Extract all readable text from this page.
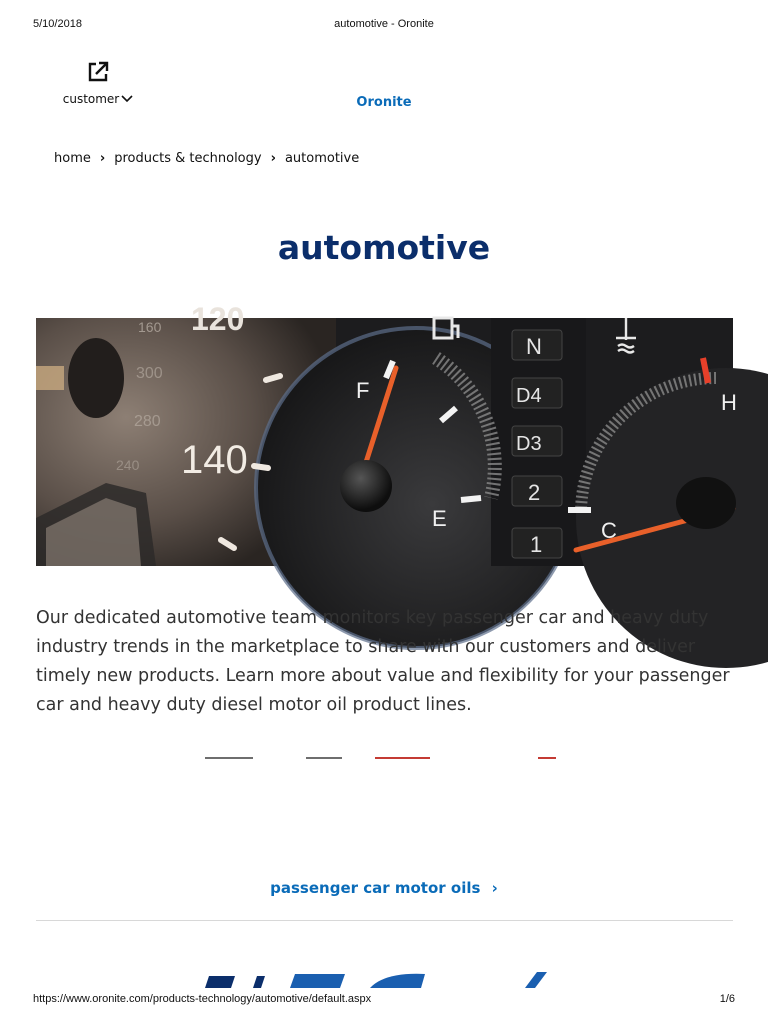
5/10/2018	automotive - Oronite
customer	Oronite
home › products & technology › automotive
automotive
120
140
160
300
280
240
F
E
N
D4
D3
2
1
C
H

Our dedicated automotive team monitors key passenger car and heavy duty industry trends in the marketplace to share with our customers and deliver timely new products. Learn more about value and flexibility for your passenger car and heavy duty diesel motor oil product lines.

passenger car motor oils ›
https://www.oronite.com/products-technology/automotive/default.aspx	1/6
